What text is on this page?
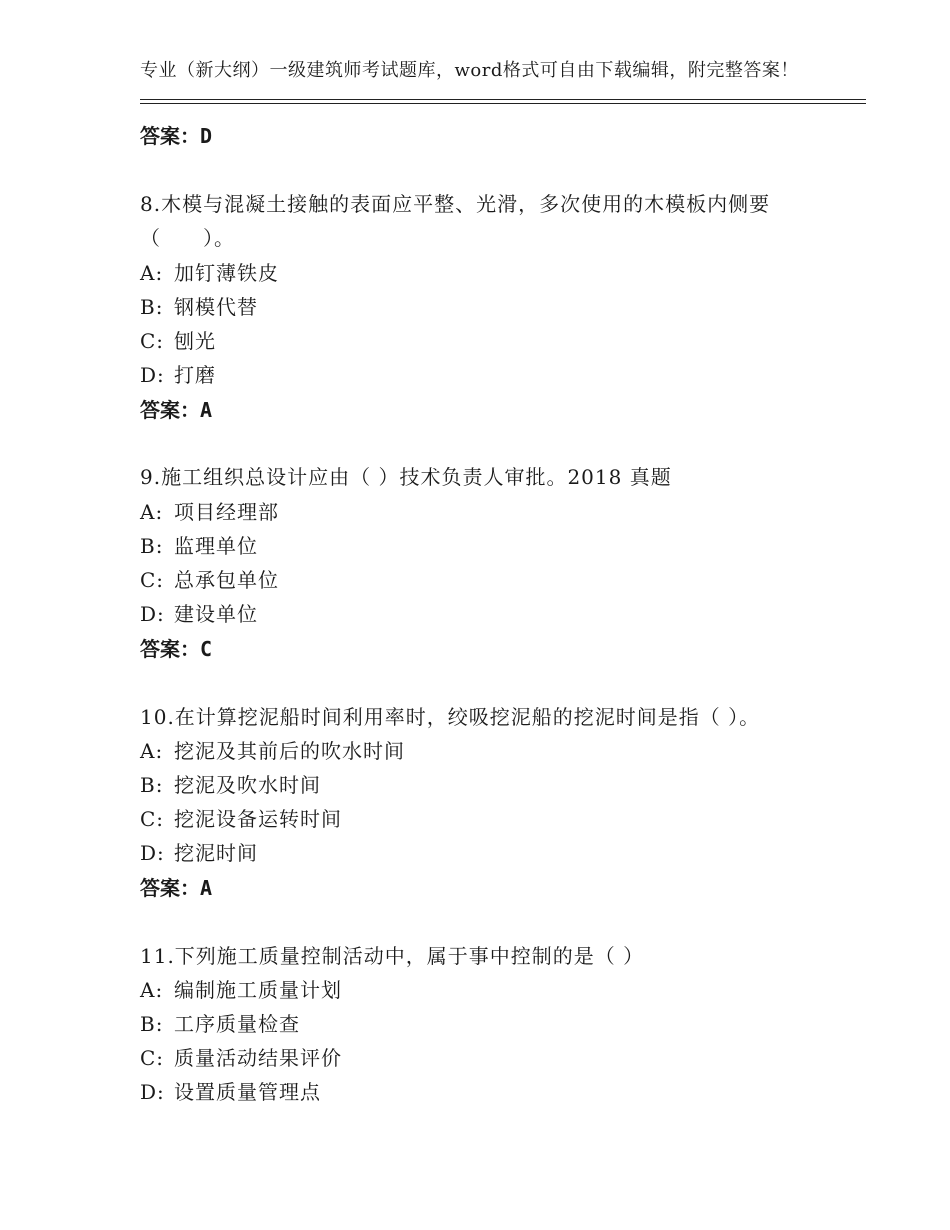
专业（新大纲）一级建筑师考试题库，word格式可自由下载编辑，附完整答案！
答案：D
8.木模与混凝土接触的表面应平整、光滑，多次使用的木模板内侧要
（　　）。
A: 加钉薄铁皮
B: 钢模代替
C: 刨光
D: 打磨
答案：A
9.施工组织总设计应由（ ）技术负责人审批。2018 真题
A: 项目经理部
B: 监理单位
C: 总承包单位
D: 建设单位
答案：C
10.在计算挖泥船时间利用率时，绞吸挖泥船的挖泥时间是指（ ）。
A: 挖泥及其前后的吹水时间
B: 挖泥及吹水时间
C: 挖泥设备运转时间
D: 挖泥时间
答案：A
11.下列施工质量控制活动中，属于事中控制的是（ ）
A: 编制施工质量计划
B: 工序质量检查
C: 质量活动结果评价
D: 设置质量管理点
